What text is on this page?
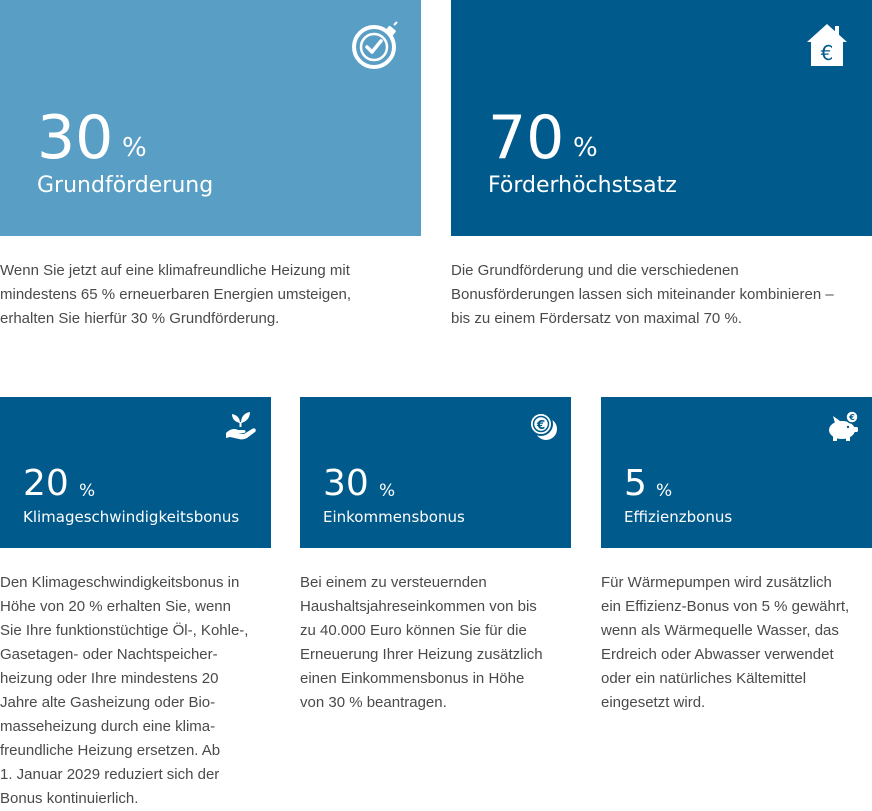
30 %
Grundförderung
€
70 %
Förderhöchstsatz

Wenn Sie jetzt auf eine klimafreundliche Heizung mit
mindestens 65 % erneuerbaren Energien umsteigen,
erhalten Sie hierfür 30 % Grundförderung.

Die Grundförderung und die verschiedenen
Bonusförderungen lassen sich miteinander kombinieren –
bis zu einem Fördersatz von maximal 70 %.

20 %
Klimageschwindigkeitsbonus
€
30 %
Einkommensbonus
€
5 %
Effizienzbonus

Den Klimageschwindigkeitsbonus in
Höhe von 20 % erhalten Sie, wenn
Sie Ihre funktionstüchtige Öl-, Kohle-,
Gasetagen- oder Nachtspeicher-
heizung oder Ihre mindestens 20
Jahre alte Gasheizung oder Bio-
masseheizung durch eine klima-
freundliche Heizung ersetzen. Ab
1. Januar 2029 reduziert sich der
Bonus kontinuierlich.

Bei einem zu versteuernden
Haushaltsjahreseinkommen von bis
zu 40.000 Euro können Sie für die
Erneuerung Ihrer Heizung zusätzlich
einen Einkommensbonus in Höhe
von 30 % beantragen.

Für Wärmepumpen wird zusätzlich
ein Effizienz-Bonus von 5 % gewährt,
wenn als Wärmequelle Wasser, das
Erdreich oder Abwasser verwendet
oder ein natürliches Kältemittel
eingesetzt wird.
